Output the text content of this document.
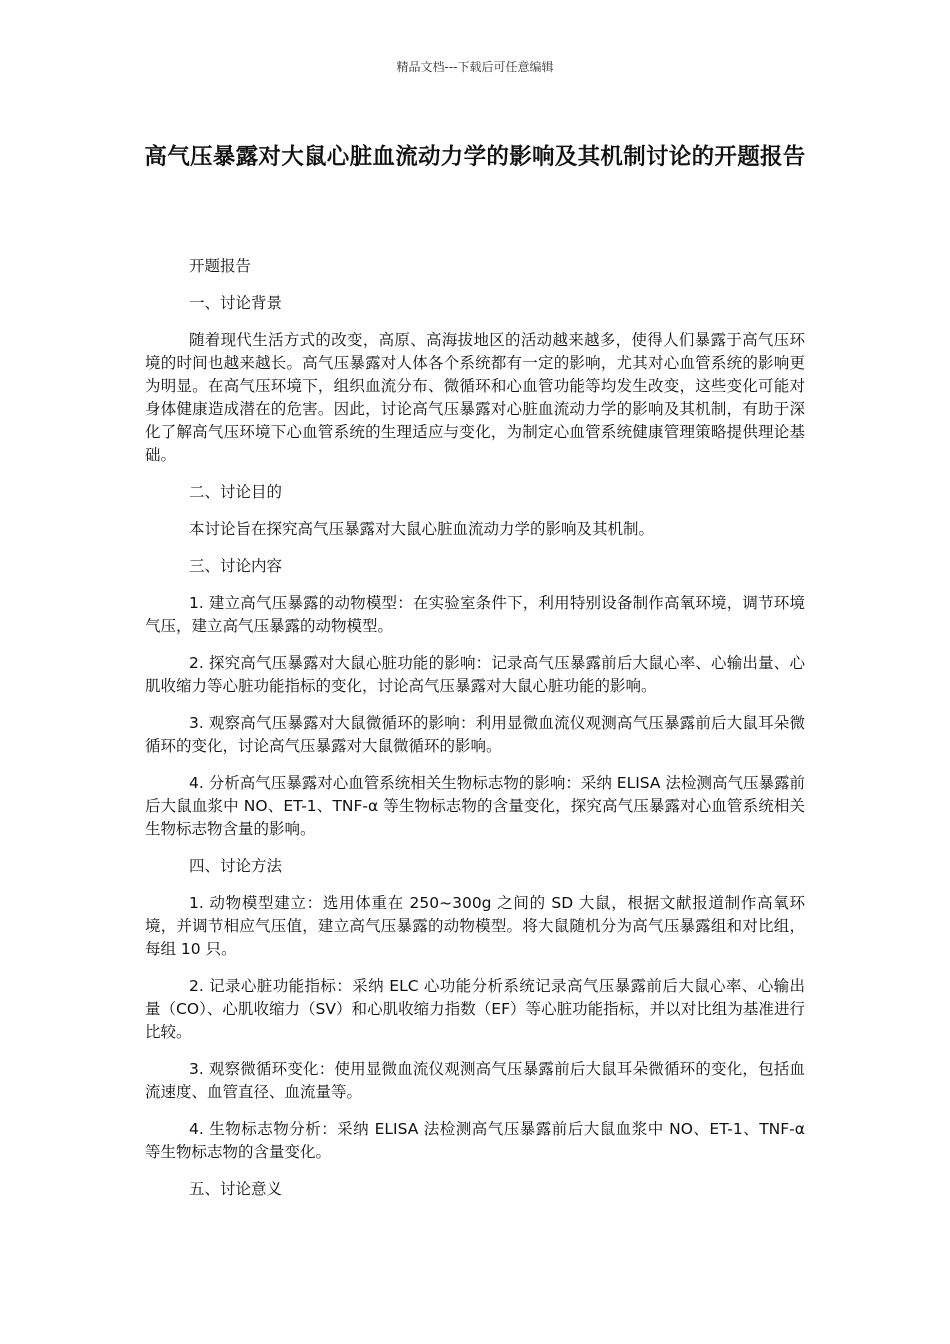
精品文档---下载后可任意编辑
高气压暴露对大鼠心脏血流动力学的影响及其机制讨论的开题报告

开题报告

一、讨论背景

随着现代生活方式的改变，高原、高海拔地区的活动越来越多，使得人们暴露于高气压环境的时间也越来越长。高气压暴露对人体各个系统都有一定的影响，尤其对心血管系统的影响更为明显。在高气压环境下，组织血流分布、微循环和心血管功能等均发生改变，这些变化可能对身体健康造成潜在的危害。因此，讨论高气压暴露对心脏血流动力学的影响及其机制，有助于深化了解高气压环境下心血管系统的生理适应与变化，为制定心血管系统健康管理策略提供理论基础。

二、讨论目的

本讨论旨在探究高气压暴露对大鼠心脏血流动力学的影响及其机制。

三、讨论内容

1. 建立高气压暴露的动物模型：在实验室条件下，利用特别设备制作高氧环境，调节环境气压，建立高气压暴露的动物模型。

2. 探究高气压暴露对大鼠心脏功能的影响：记录高气压暴露前后大鼠心率、心输出量、心肌收缩力等心脏功能指标的变化，讨论高气压暴露对大鼠心脏功能的影响。

3. 观察高气压暴露对大鼠微循环的影响：利用显微血流仪观测高气压暴露前后大鼠耳朵微循环的变化，讨论高气压暴露对大鼠微循环的影响。

4. 分析高气压暴露对心血管系统相关生物标志物的影响：采纳 ELISA 法检测高气压暴露前后大鼠血浆中 NO、ET-1、TNF-α 等生物标志物的含量变化，探究高气压暴露对心血管系统相关生物标志物含量的影响。

四、讨论方法

1. 动物模型建立：选用体重在 250~300g 之间的 SD 大鼠，根据文献报道制作高氧环境，并调节相应气压值，建立高气压暴露的动物模型。将大鼠随机分为高气压暴露组和对比组，每组 10 只。

2. 记录心脏功能指标：采纳 ELC 心功能分析系统记录高气压暴露前后大鼠心率、心输出量（CO）、心肌收缩力（SV）和心肌收缩力指数（EF）等心脏功能指标，并以对比组为基准进行比较。

3. 观察微循环变化：使用显微血流仪观测高气压暴露前后大鼠耳朵微循环的变化，包括血流速度、血管直径、血流量等。

4. 生物标志物分析：采纳 ELISA 法检测高气压暴露前后大鼠血浆中 NO、ET-1、TNF-α 等生物标志物的含量变化。

五、讨论意义
